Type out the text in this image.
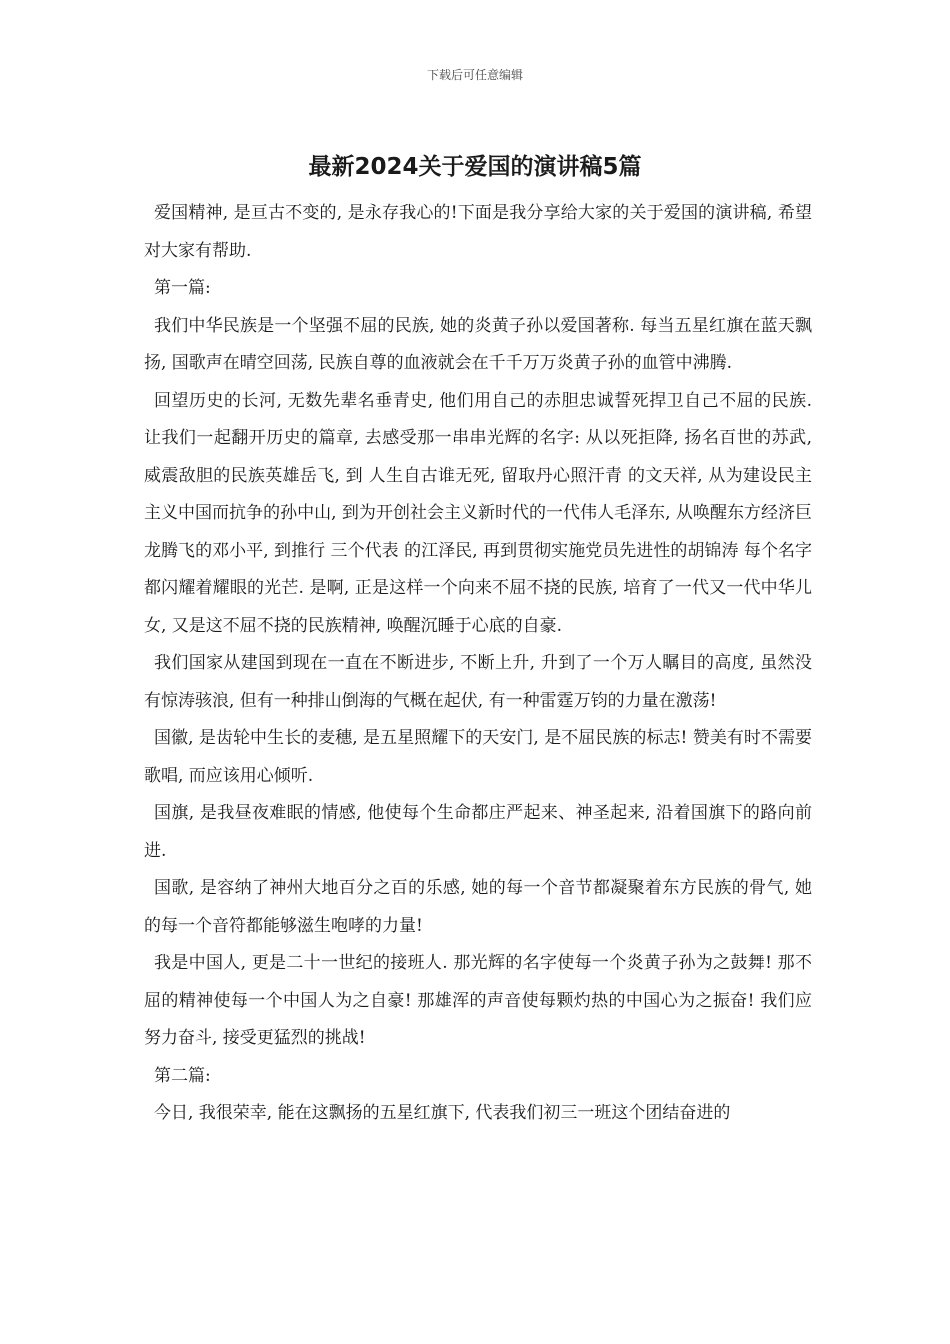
下载后可任意编辑
最新2024关于爱国的演讲稿5篇

爱国精神, 是亘古不变的, 是永存我心的!下面是我分享给大家的关于爱国的演讲稿, 希望对大家有帮助.

第一篇:

我们中华民族是一个坚强不屈的民族, 她的炎黄子孙以爱国著称. 每当五星红旗在蓝天飘扬, 国歌声在晴空回荡, 民族自尊的血液就会在千千万万炎黄子孙的血管中沸腾.

回望历史的长河, 无数先辈名垂青史, 他们用自己的赤胆忠诚誓死捍卫自己不屈的民族. 让我们一起翻开历史的篇章, 去感受那一串串光辉的名字: 从以死拒降, 扬名百世的苏武, 威震敌胆的民族英雄岳飞, 到 人生自古谁无死, 留取丹心照汗青 的文天祥, 从为建设民主主义中国而抗争的孙中山, 到为开创社会主义新时代的一代伟人毛泽东, 从唤醒东方经济巨龙腾飞的邓小平, 到推行 三个代表 的江泽民, 再到贯彻实施党员先进性的胡锦涛 每个名字都闪耀着耀眼的光芒. 是啊, 正是这样一个向来不屈不挠的民族, 培育了一代又一代中华儿女, 又是这不屈不挠的民族精神, 唤醒沉睡于心底的自豪.

我们国家从建国到现在一直在不断进步, 不断上升, 升到了一个万人瞩目的高度, 虽然没有惊涛骇浪, 但有一种排山倒海的气概在起伏, 有一种雷霆万钧的力量在激荡!

国徽, 是齿轮中生长的麦穗, 是五星照耀下的天安门, 是不屈民族的标志! 赞美有时不需要歌唱, 而应该用心倾听.

国旗, 是我昼夜难眠的情感, 他使每个生命都庄严起来、神圣起来, 沿着国旗下的路向前进.

国歌, 是容纳了神州大地百分之百的乐感, 她的每一个音节都凝聚着东方民族的骨气, 她的每一个音符都能够滋生咆哮的力量!

我是中国人, 更是二十一世纪的接班人. 那光辉的名字使每一个炎黄子孙为之鼓舞! 那不屈的精神使每一个中国人为之自豪! 那雄浑的声音使每颗灼热的中国心为之振奋! 我们应努力奋斗, 接受更猛烈的挑战!

第二篇:

今日, 我很荣幸, 能在这飘扬的五星红旗下, 代表我们初三一班这个团结奋进的
